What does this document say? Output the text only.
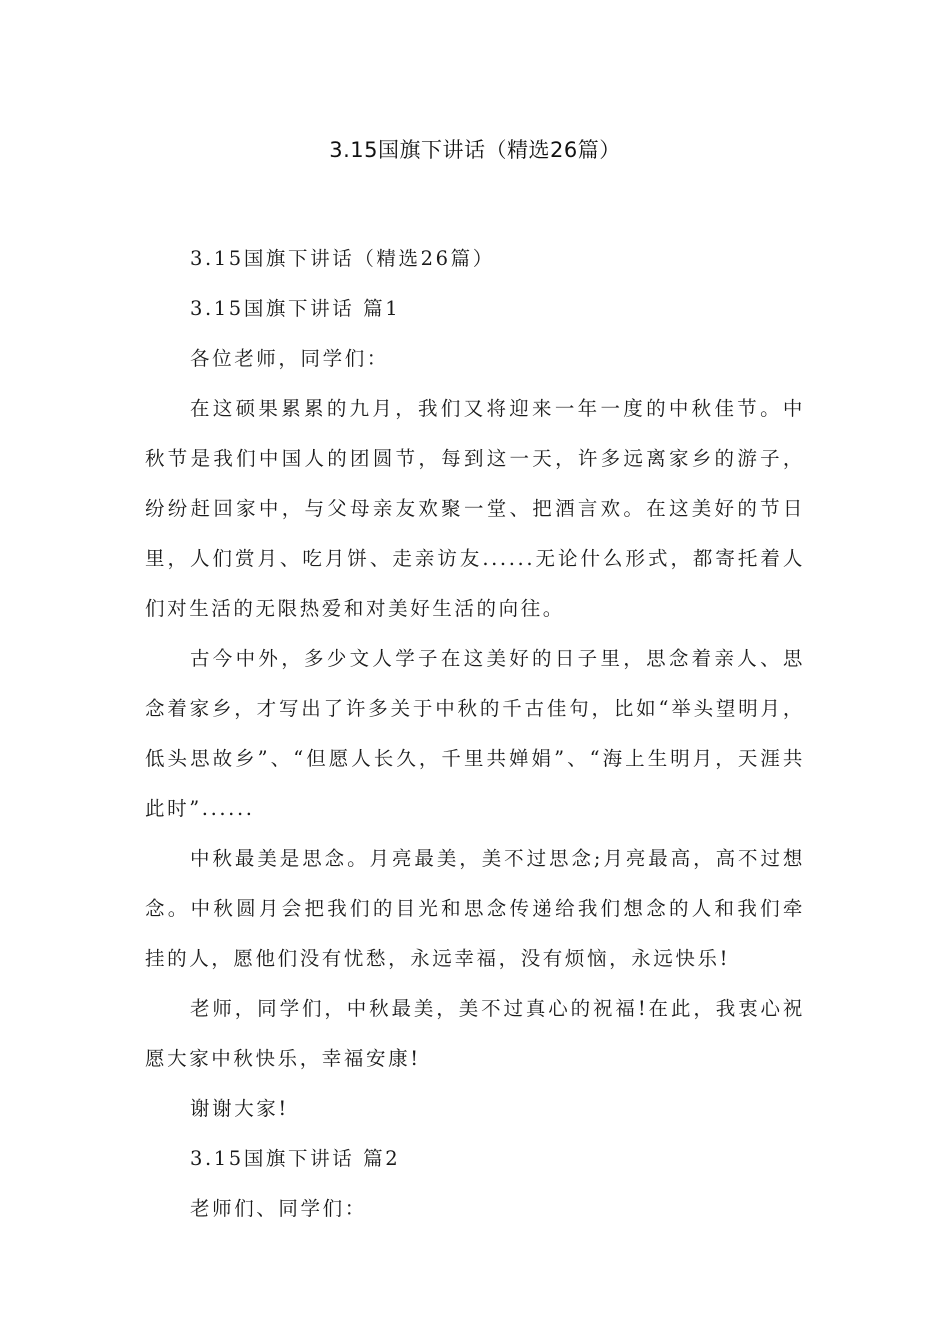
3.15国旗下讲话（精选26篇）

3.15国旗下讲话（精选26篇）

3.15国旗下讲话 篇1

各位老师，同学们：

在这硕果累累的九月，我们又将迎来一年一度的中秋佳节。中秋节是我们中国人的团圆节，每到这一天，许多远离家乡的游子，纷纷赶回家中，与父母亲友欢聚一堂、把酒言欢。在这美好的节日里，人们赏月、吃月饼、走亲访友......无论什么形式，都寄托着人们对生活的无限热爱和对美好生活的向往。

古今中外，多少文人学子在这美好的日子里，思念着亲人、思念着家乡，才写出了许多关于中秋的千古佳句，比如“举头望明月，低头思故乡”、“但愿人长久，千里共婵娟”、“海上生明月，天涯共此时”......

中秋最美是思念。月亮最美，美不过思念;月亮最高，高不过想念。中秋圆月会把我们的目光和思念传递给我们想念的人和我们牵挂的人，愿他们没有忧愁，永远幸福，没有烦恼，永远快乐!

老师，同学们，中秋最美，美不过真心的祝福!在此，我衷心祝愿大家中秋快乐，幸福安康!

谢谢大家!

3.15国旗下讲话 篇2

老师们、同学们：
